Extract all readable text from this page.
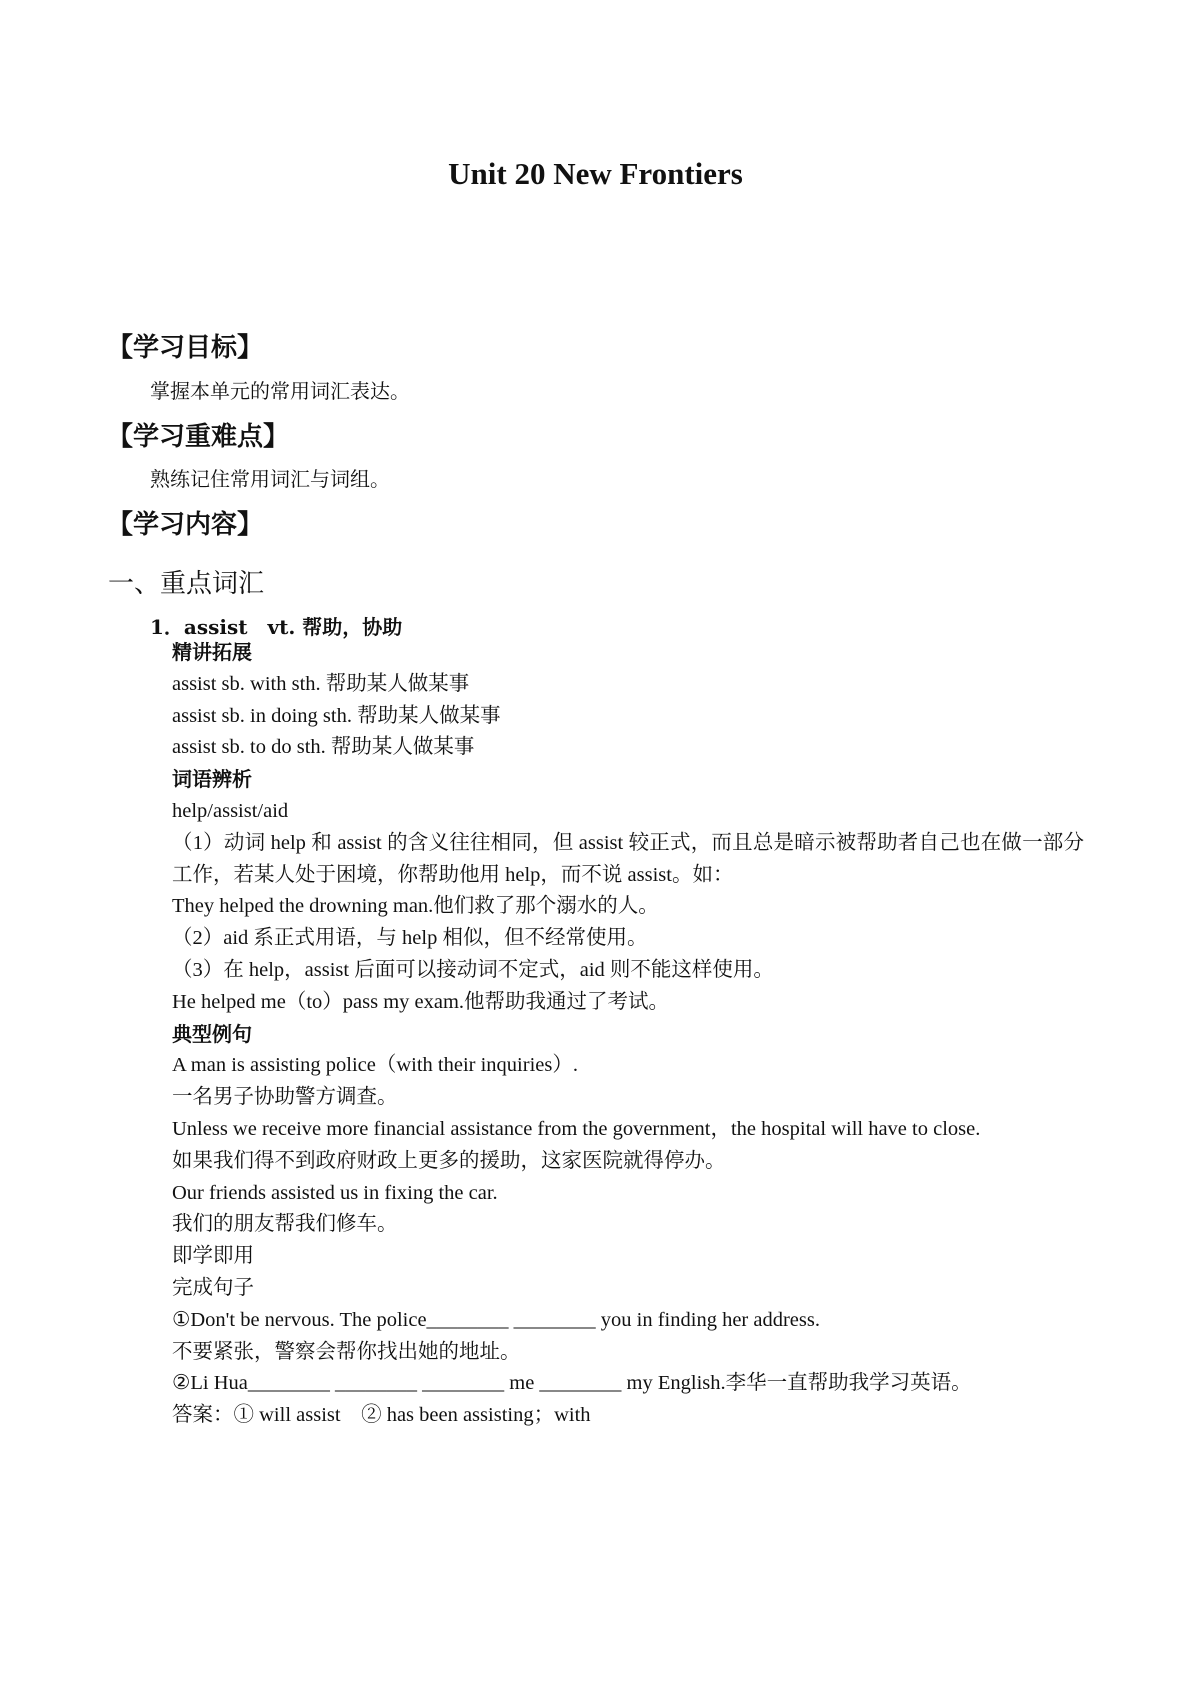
Unit 20 New Frontiers
【学习目标】
掌握本单元的常用词汇表达。
【学习重难点】
熟练记住常用词汇与词组。
【学习内容】
一、重点词汇
1．assist　vt. 帮助，协助
精讲拓展
assist sb. with sth. 帮助某人做某事
assist sb. in doing sth. 帮助某人做某事
assist sb. to do sth. 帮助某人做某事
词语辨析
help/assist/aid
（1）动词 help 和 assist 的含义往往相同，但 assist 较正式，而且总是暗示被帮助者自己也在做一部分工作，若某人处于困境，你帮助他用 help，而不说 assist。如：
They helped the drowning man.他们救了那个溺水的人。
（2）aid 系正式用语，与 help 相似，但不经常使用。
（3）在 help，assist 后面可以接动词不定式，aid 则不能这样使用。
He helped me（to）pass my exam.他帮助我通过了考试。
典型例句
A man is assisting police（with their inquiries）.
一名男子协助警方调查。
Unless we receive more financial assistance from the government，the hospital will have to close.
如果我们得不到政府财政上更多的援助，这家医院就得停办。
Our friends assisted us in fixing the car.
我们的朋友帮我们修车。
即学即用
完成句子
①Don't be nervous. The police________ ________ you in finding her address.
不要紧张，警察会帮你找出她的地址。
②Li Hua________ ________ ________ me ________ my English.李华一直帮助我学习英语。
答案：① will assist　② has been assisting；with
